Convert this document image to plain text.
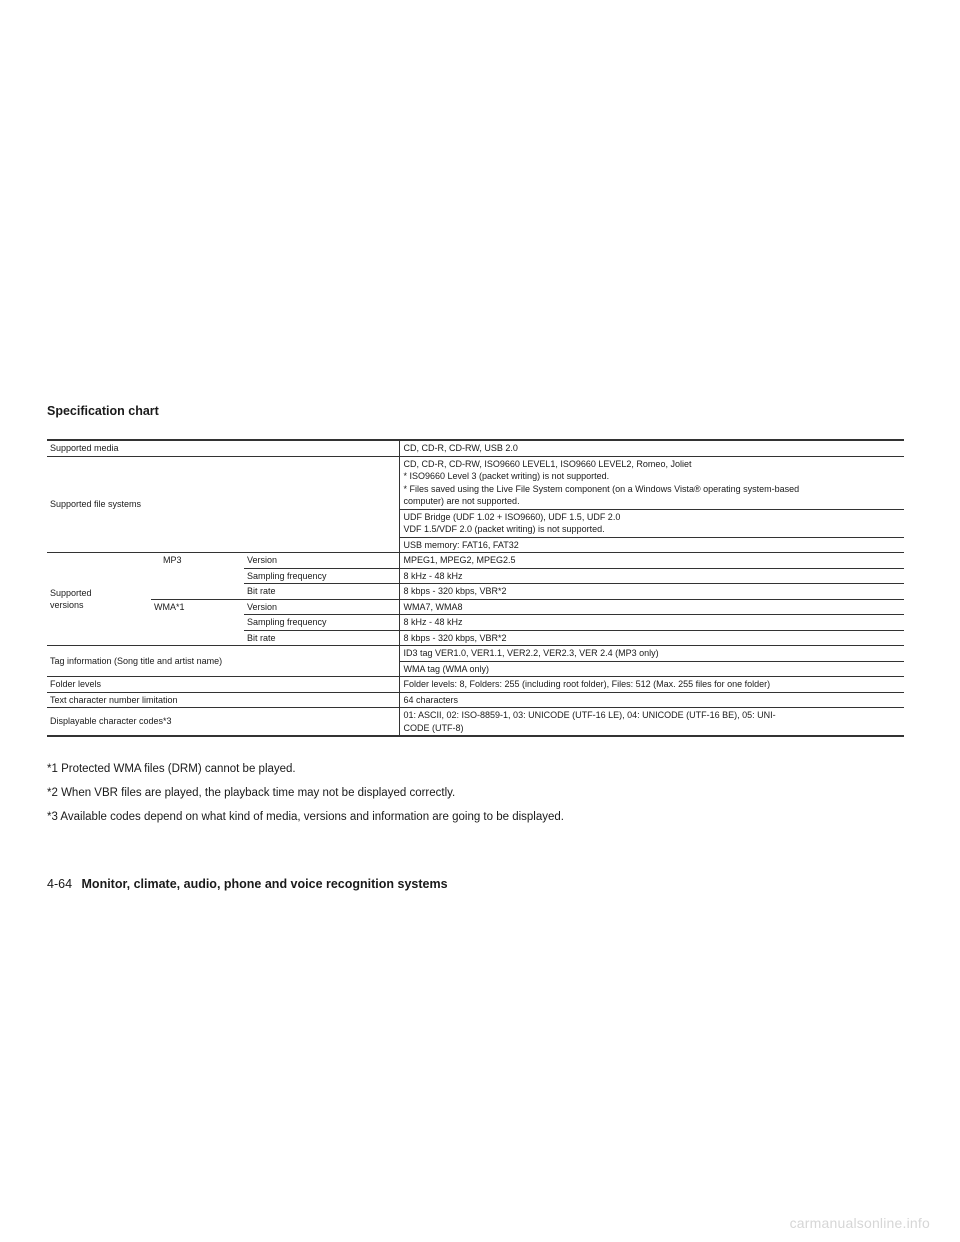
Specification chart
Supported media			CD, CD-R, CD-RW, USB 2.0
Supported file systems			CD, CD-R, CD-RW, ISO9660 LEVEL1, ISO9660 LEVEL2, Romeo, Joliet
* ISO9660 Level 3 (packet writing) is not supported.
* Files saved using the Live File System component (on a Windows Vista® operating system-based
computer) are not supported.
			UDF Bridge (UDF 1.02 + ISO9660), UDF 1.5, UDF 2.0
VDF 1.5/VDF 2.0 (packet writing) is not supported.
			USB memory: FAT16, FAT32
Supported
versions	MP3	Version	MPEG1, MPEG2, MPEG2.5
		Sampling frequency	8 kHz - 48 kHz
		Bit rate	8 kbps - 320 kbps, VBR*2
	WMA*1	Version	WMA7, WMA8
		Sampling frequency	8 kHz - 48 kHz
		Bit rate	8 kbps - 320 kbps, VBR*2
Tag information (Song title and artist name)			ID3 tag VER1.0, VER1.1, VER2.2, VER2.3, VER 2.4 (MP3 only)
			WMA tag (WMA only)
Folder levels			Folder levels: 8, Folders: 255 (including root folder), Files: 512 (Max. 255 files for one folder)
Text character number limitation			64 characters
Displayable character codes*3			01: ASCII, 02: ISO-8859-1, 03: UNICODE (UTF-16 LE), 04: UNICODE (UTF-16 BE), 05: UNI-
CODE (UTF-8)

*1 Protected WMA files (DRM) cannot be played.

*2 When VBR files are played, the playback time may not be displayed correctly.

*3 Available codes depend on what kind of media, versions and information are going to be displayed.

4-64 Monitor, climate, audio, phone and voice recognition systems
carmanualsonline.info
